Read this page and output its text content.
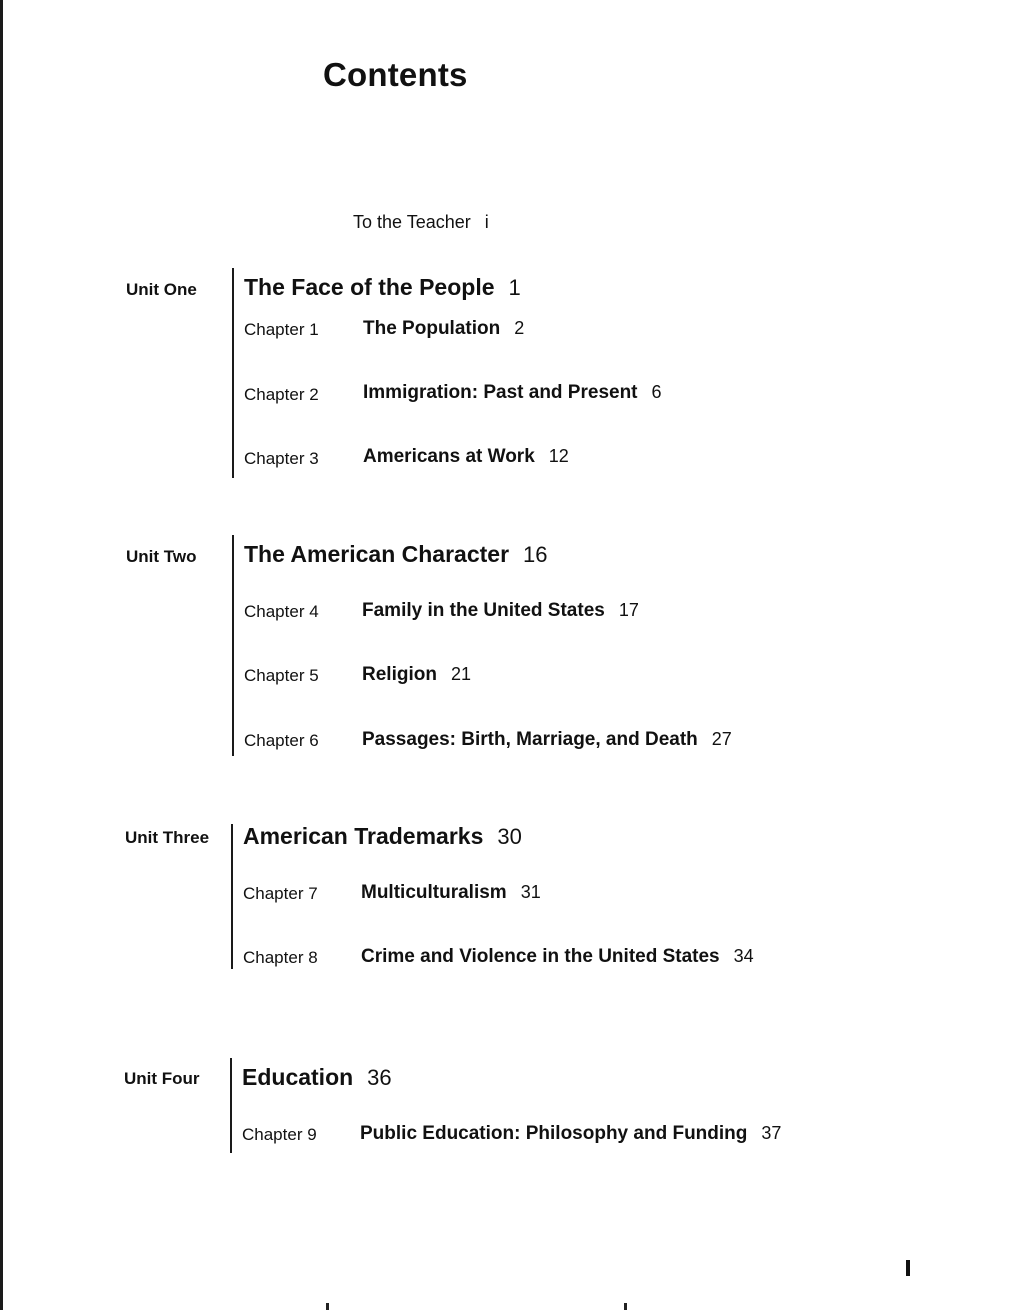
Contents
To the Teacher i
Unit One The Face of the People 1
Chapter 1 The Population 2
Chapter 2 Immigration: Past and Present 6
Chapter 3 Americans at Work 12
Unit Two The American Character 16
Chapter 4 Family in the United States 17
Chapter 5 Religion 21
Chapter 6 Passages: Birth, Marriage, and Death 27
Unit Three American Trademarks 30
Chapter 7 Multiculturalism 31
Chapter 8 Crime and Violence in the United States 34
Unit Four Education 36
Chapter 9 Public Education: Philosophy and Funding 37
